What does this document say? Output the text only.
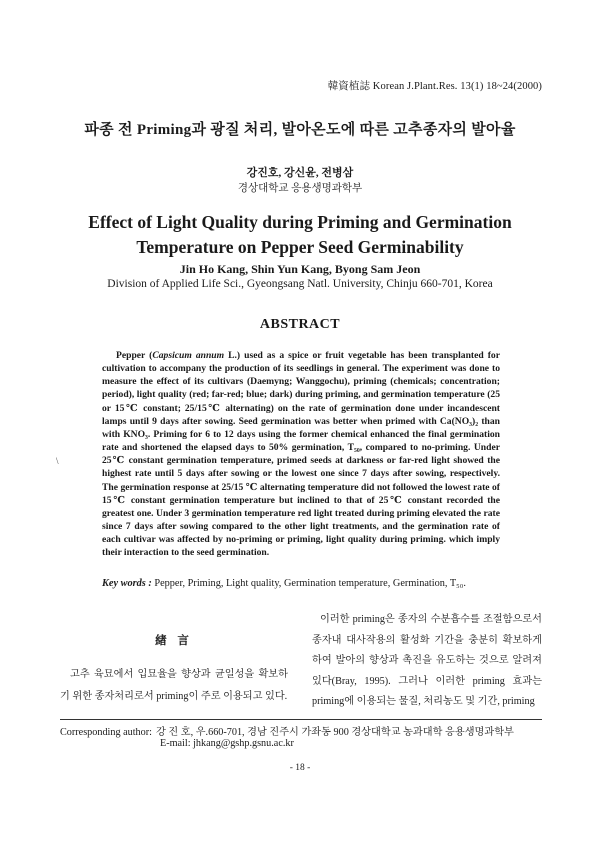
韓資植誌 Korean J.Plant.Res. 13(1) 18~24(2000)
파종 전 Priming과 광질 처리, 발아온도에 따른 고추종자의 발아율
강진호, 강신윤, 전병삼
경상대학교 응용생명과학부
Effect of Light Quality during Priming and Germination
Temperature on Pepper Seed Germinability
Jin Ho Kang, Shin Yun Kang, Byong Sam Jeon
Division of Applied Life Sci., Gyeongsang Natl. University, Chinju 660-701, Korea
ABSTRACT
Pepper (Capsicum annum L.) used as a spice or fruit vegetable has been transplanted for cultivation to accompany the production of its seedlings in general. The experiment was done to measure the effect of its cultivars (Daemyng; Wanggochu), priming (chemicals; concentration; period), light quality (red; far-red; blue; dark) during priming, and germination temperature (25 or 15℃ constant; 25/15℃ alternating) on the rate of germination done under incandescent lamps until 9 days after sowing. Seed germination was better when primed with Ca(NO₃)₂ than with KNO₃. Priming for 6 to 12 days using the former chemical enhanced the final germination rate and shortened the elapsed days to 50% germination, T₅₀, compared to no-priming. Under 25℃ constant germination temperature, primed seeds at darkness or far-red light showed the highest rate until 5 days after sowing or the lowest one since 7 days after sowing, respectively. The germination response at 25/15 ℃ alternating temperature did not followed the lowest rate of 15℃ constant germination temperature but inclined to that of 25℃ constant recorded the greatest one. Under 3 germination temperature red light treated during priming elevated the rate since 7 days after sowing compared to the other light treatments, and the germination rate of each cultivar was affected by no-priming or priming, light quality during priming. which imply their interaction to the seed germination.
\
Key words : Pepper, Priming, Light quality, Germination temperature, Germination, T₅₀.
緖 言
고추 육묘에서 입묘율을 향상과 균일성을 확보하기 위한 종자처리로서 priming이 주로 이용되고 있다.
이러한 priming은 종자의 수분흡수를 조절함으로서 종자내 대사작용의 활성화 기간을 충분히 확보하게 하여 발아의 향상과 촉진을 유도하는 것으로 알려져 있다(Bray, 1995). 그러나 이러한 priming 효과는 priming에 이용되는 물질, 처리농도 및 기간, priming
Corresponding author: 강 진 호, 우.660-701, 경남 진주시 가좌동 900 경상대학교 농과대학 응용생명과학부
E-mail: jhkang@gshp.gsnu.ac.kr
- 18 -
